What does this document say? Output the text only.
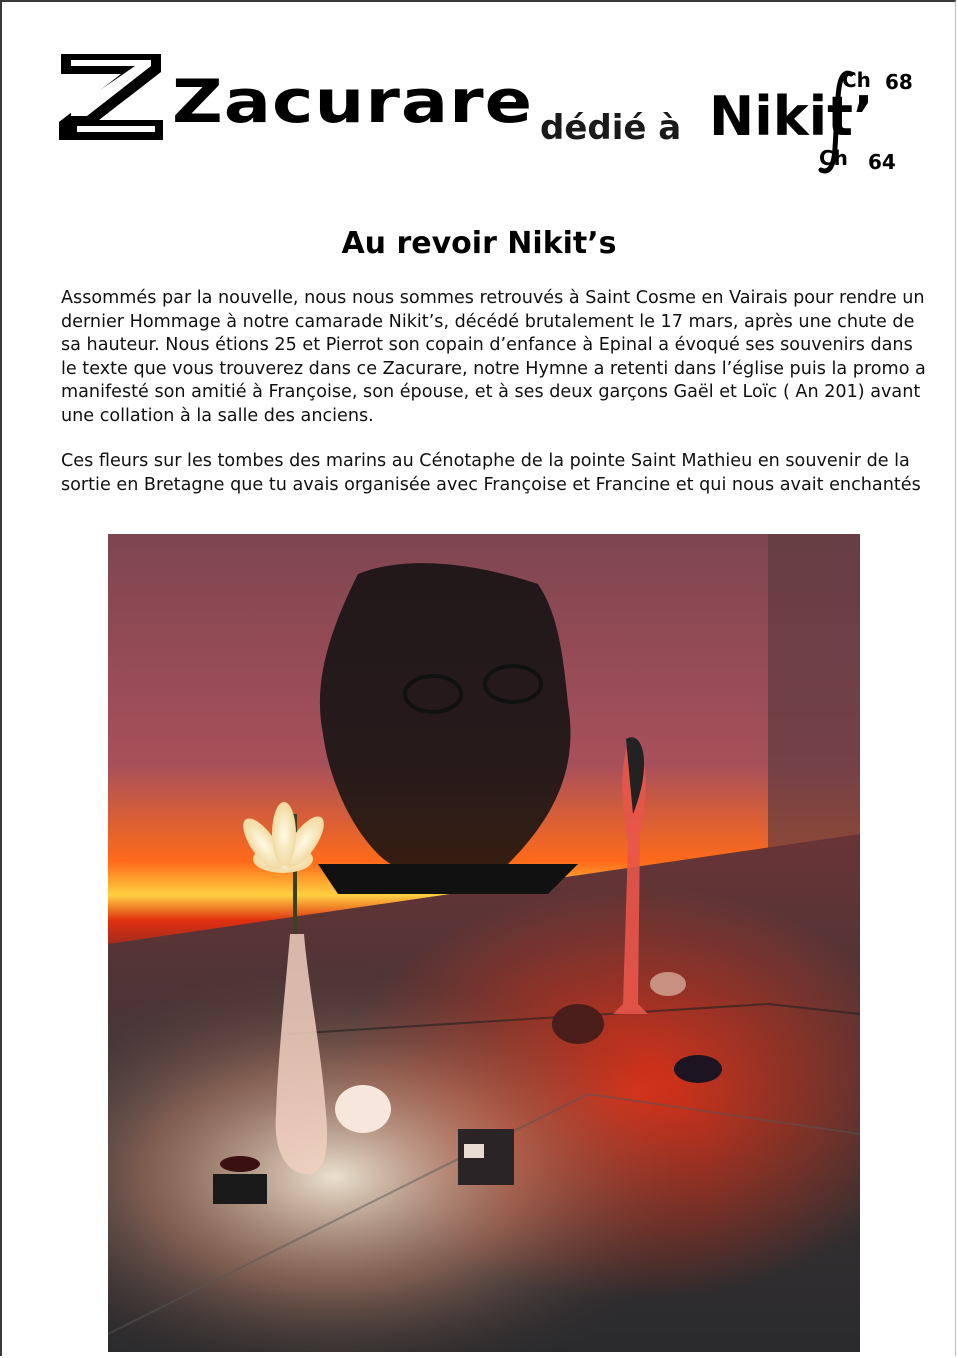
Zacurare dédié à Nikit’
Ch 68
Ch 64
Au revoir Nikit’s

Assommés par la nouvelle, nous nous sommes retrouvés à Saint Cosme en Vairais pour rendre un dernier Hommage à notre camarade Nikit’s, décédé brutalement le 17 mars, après une chute de sa hauteur. Nous étions 25 et Pierrot son copain d’enfance à Epinal a évoqué ses souvenirs dans le texte que vous trouverez dans ce Zacurare, notre Hymne a retenti dans l’église puis la promo a manifesté son amitié à Françoise, son épouse, et à ses deux garçons Gaël et Loïc ( An 201) avant une collation à la salle des anciens.

Ces fleurs sur les tombes des marins au Cénotaphe de la pointe Saint Mathieu en souvenir de la sortie en Bretagne que tu avais organisée avec Françoise et Francine et qui nous avait enchantés
